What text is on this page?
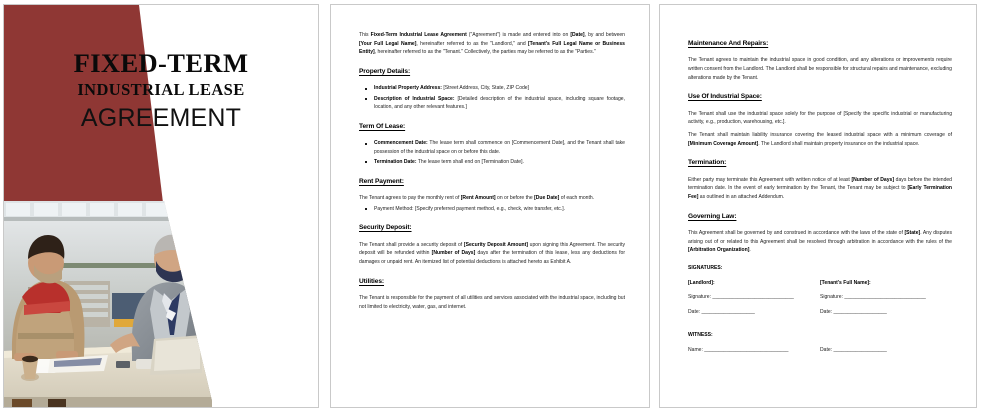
FIXED-TERM
INDUSTRIAL LEASE
AGREEMENT

This Fixed-Term Industrial Lease Agreement ("Agreement") is made and entered into on [Date], by and between [Your Full Legal Name], hereinafter referred to as the "Landlord," and [Tenant's Full Legal Name or Business Entity], hereinafter referred to as the "Tenant." Collectively, the parties may be referred to as the "Parties."

Property Details:
Industrial Property Address: [Street Address, City, State, ZIP Code]
Description of Industrial Space: [Detailed description of the industrial space, including square footage, location, and any other relevant features.]
Term Of Lease:
Commencement Date: The lease term shall commence on [Commencement Date], and the Tenant shall take possession of the industrial space on or before this date.
Termination Date: The lease term shall end on [Termination Date].
Rent Payment:

The Tenant agrees to pay the monthly rent of [Rent Amount] on or before the [Due Date] of each month.

Payment Method: [Specify preferred payment method, e.g., check, wire transfer, etc.].
Security Deposit:

The Tenant shall provide a security deposit of [Security Deposit Amount] upon signing this Agreement. The security deposit will be refunded within [Number of Days] days after the termination of this lease, less any deductions for damages or unpaid rent. An itemized list of potential deductions is attached hereto as Exhibit A.

Utilities:

The Tenant is responsible for the payment of all utilities and services associated with the industrial space, including but not limited to electricity, water, gas, and internet.

Maintenance And Repairs:

The Tenant agrees to maintain the industrial space in good condition, and any alterations or improvements require written consent from the Landlord. The Landlord shall be responsible for structural repairs and maintenance, excluding alterations made by the Tenant.

Use Of Industrial Space:

The Tenant shall use the industrial space solely for the purpose of [Specify the specific industrial or manufacturing activity, e.g., production, warehousing, etc.].

The Tenant shall maintain liability insurance covering the leased industrial space with a minimum coverage of [Minimum Coverage Amount]. The Landlord shall maintain property insurance on the industrial space.

Termination:

Either party may terminate this Agreement with written notice of at least [Number of Days] days before the intended termination date. In the event of early termination by the Tenant, the Tenant may be subject to [Early Termination Fee] as outlined in an attached Addendum.

Governing Law:

This Agreement shall be governed by and construed in accordance with the laws of the state of [State]. Any disputes arising out of or related to this Agreement shall be resolved through arbitration in accordance with the rules of the [Arbitration Organization].

SIGNATURES:
[Landlord]:
Signature: _____________________________
Date: ___________________
[Tenant's Full Name]:
Signature: _____________________________
Date: ___________________
WITNESS:
Name: ______________________________	Date: ___________________
